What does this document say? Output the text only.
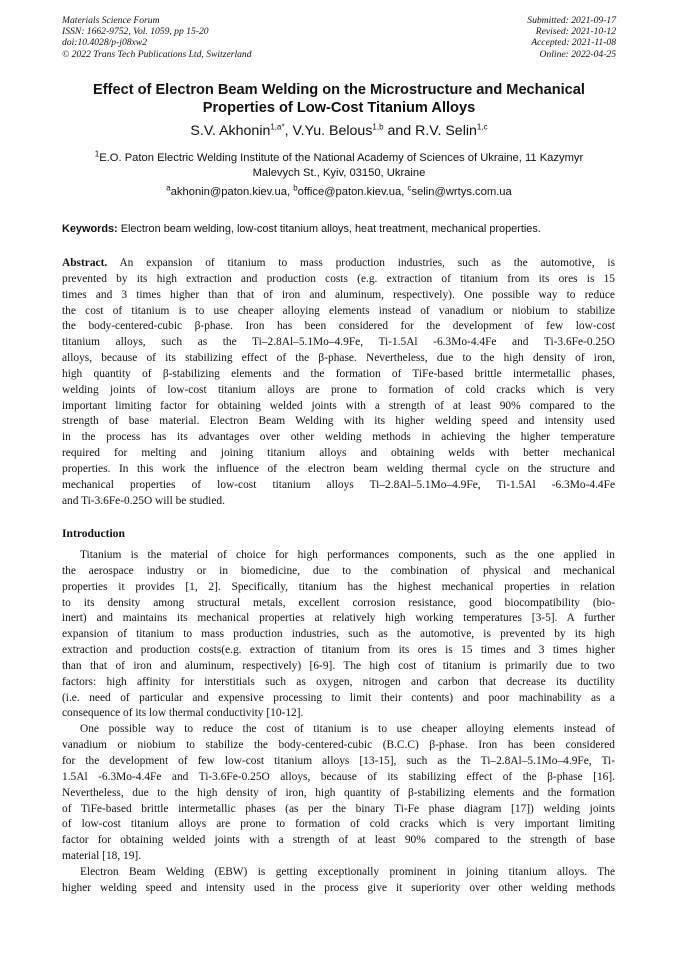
Materials Science Forum
ISSN: 1662-9752, Vol. 1059, pp 15-20
doi:10.4028/p-j08xw2
© 2022 Trans Tech Publications Ltd, Switzerland
Submitted: 2021-09-17
Revised: 2021-10-12
Accepted: 2021-11-08
Online: 2022-04-25
Effect of Electron Beam Welding on the Microstructure and Mechanical
Properties of Low-Cost Titanium Alloys
S.V. Akhonin$^{1,a*}$, V.Yu. Belous$^{1,b}$ and R.V. Selin$^{1,c}$
$^1$E.O. Paton Electric Welding Institute of the National Academy of Sciences of Ukraine, 11 Kazymyr
Malevych St., Kyiv, 03150, Ukraine
$^a$akhonin@paton.kiev.ua, $^b$office@paton.kiev.ua, $^c$selin@wrtys.com.ua
Keywords: Electron beam welding, low-cost titanium alloys, heat treatment, mechanical properties.
Abstract. An expansion of titanium to mass production industries, such as the automotive, is
prevented by its high extraction and production costs (e.g. extraction of titanium from its ores is 15
times and 3 times higher than that of iron and aluminum, respectively). One possible way to reduce
the cost of titanium is to use cheaper alloying elements instead of vanadium or niobium to stabilize
the body-centered-cubic β-phase. Iron has been considered for the development of few low-cost
titanium alloys, such as the Ti–2.8Al–5.1Mo–4.9Fe, Ti-1.5Al -6.3Mo-4.4Fe and Ti-3.6Fe-0.25O
alloys, because of its stabilizing effect of the β-phase. Nevertheless, due to the high density of iron,
high quantity of β-stabilizing elements and the formation of TiFe-based brittle intermetallic phases,
welding joints of low-cost titanium alloys are prone to formation of cold cracks which is very
important limiting factor for obtaining welded joints with a strength of at least 90% compared to the
strength of base material. Electron Beam Welding with its higher welding speed and intensity used
in the process has its advantages over other welding methods in achieving the higher temperature
required for melting and joining titanium alloys and obtaining welds with better mechanical
properties. In this work the influence of the electron beam welding thermal cycle on the structure and
mechanical properties of low-cost titanium alloys Ti–2.8Al–5.1Mo–4.9Fe, Ti-1.5Al -6.3Mo-4.4Fe
and Ti-3.6Fe-0.25O will be studied.
Introduction
Titanium is the material of choice for high performances components, such as the one applied in
the aerospace industry or in biomedicine, due to the combination of physical and mechanical
properties it provides [1, 2]. Specifically, titanium has the highest mechanical properties in relation
to its density among structural metals, excellent corrosion resistance, good biocompatibility (bio-
inert) and maintains its mechanical properties at relatively high working temperatures [3-5]. A further
expansion of titanium to mass production industries, such as the automotive, is prevented by its high
extraction and production costs(e.g. extraction of titanium from its ores is 15 times and 3 times higher
than that of iron and aluminum, respectively) [6-9]. The high cost of titanium is primarily due to two
factors: high affinity for interstitials such as oxygen, nitrogen and carbon that decrease its ductility
(i.e. need of particular and expensive processing to limit their contents) and poor machinability as a
consequence of its low thermal conductivity [10-12].
One possible way to reduce the cost of titanium is to use cheaper alloying elements instead of
vanadium or niobium to stabilize the body-centered-cubic (B.C.C) β-phase. Iron has been considered
for the development of few low-cost titanium alloys [13-15], such as the Ti–2.8Al–5.1Mo–4.9Fe, Ti-
1.5Al -6.3Mo-4.4Fe and Ti-3.6Fe-0.25O alloys, because of its stabilizing effect of the β-phase [16].
Nevertheless, due to the high density of iron, high quantity of β-stabilizing elements and the formation
of TiFe-based brittle intermetallic phases (as per the binary Ti-Fe phase diagram [17]) welding joints
of low-cost titanium alloys are prone to formation of cold cracks which is very important limiting
factor for obtaining welded joints with a strength of at least 90% compared to the strength of base
material [18, 19].
Electron Beam Welding (EBW) is getting exceptionally prominent in joining titanium alloys. The
higher welding speed and intensity used in the process give it superiority over other welding methods
